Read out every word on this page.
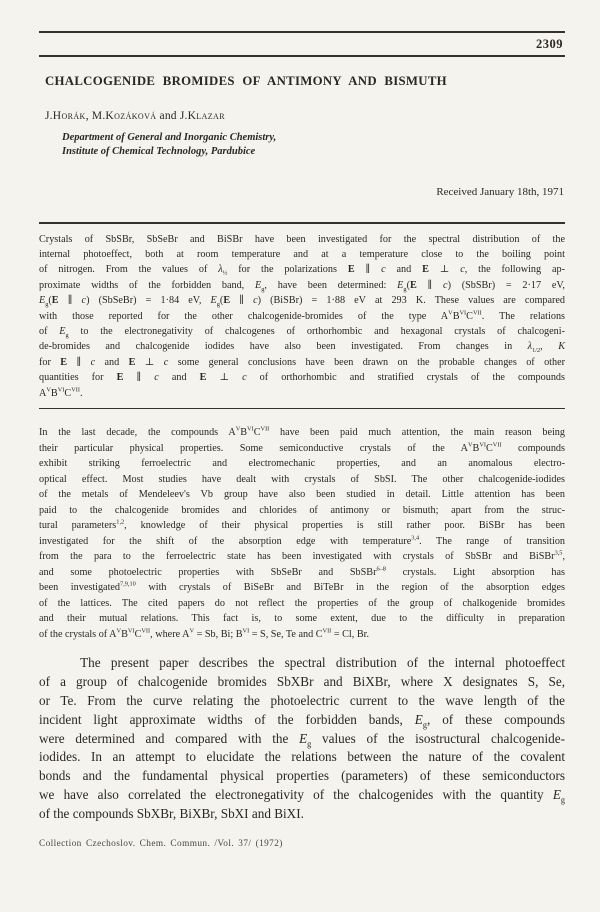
2309
CHALCOGENIDE BROMIDES OF ANTIMONY AND BISMUTH
J.Horák, M.Kozáková and J.Klazar
Department of General and Inorganic Chemistry,
Institute of Chemical Technology, Pardubice
Received January 18th, 1971
Crystals of SbSBr, SbSeBr and BiSBr have been investigated for the spectral distribution of the
internal photoeffect, both at room temperature and at a temperature close to the boiling point
of nitrogen. From the values of $\lambda_{\frac{1}{2}}$ for the polarizations E ∥ c and E ⊥ c, the following ap-
proximate widths of the forbidden band, $E_g$, have been determined: $E_g(E$ ∥ c) (SbSBr) = 2·17 eV,
$E_g(E$ ∥ c) (SbSeBr) = 1·84 eV, $E_g(E$ ∥ c) (BiSBr) = 1·88 eV at 293 K. These values are compared
with those reported for the other chalcogenide-bromides of the type $A^VB^{VI}C^{VII}$. The relations
of $E_g$ to the electronegativity of chalcogenes of orthorhombic and hexagonal crystals of chalcogeni-
de-bromides and chalcogenide iodides have also been investigated. From changes in $\lambda_{1/2}$, K
for E ∥ c and E ⊥ c some general conclusions have been drawn on the probable changes of other
quantities for E ∥ c and E ⊥ c of orthorhombic and stratified crystals of the compounds
$A^VB^{VI}C^{VII}$.
In the last decade, the compounds $A^VB^{VI}C^{VII}$ have been paid much attention, the main reason being
their particular physical properties. Some semiconductive crystals of the $A^VB^{VI}C^{VII}$ compounds
exhibit striking ferroelectric and electromechanic properties, and an anomalous electro-
optical effect. Most studies have dealt with crystals of SbSI. The other chalcogenide-iodides
of the metals of Mendeleev's Vb group have also been studied in detail. Little attention has been
paid to the chalcogenide bromides and chlorides of antimony or bismuth; apart from the struc-
tural parameters$^{1,2}$, knowledge of their physical properties is still rather poor. BiSBr has been
investigated for the shift of the absorption edge with temperature$^{3,4}$. The range of transition
from the para to the ferroelectric state has been investigated with crystals of SbSBr and BiSBr$^{3,5}$,
and some photoelectric properties with SbSeBr and SbSBr$^{6-8}$ crystals. Light absorption has
been investigated$^{7,9,10}$ with crystals of BiSeBr and BiTeBr in the region of the absorption edges
of the lattices. The cited papers do not reflect the properties of the group of chalkogenide bromides
and their mutual relations. This fact is, to some extent, due to the difficulty in preparation
of the crystals of $A^VB^{VI}C^{VII}$, where $A^V = Sb$, Bi; $B^{VI} = S$, Se, Te and $C^{VII} = Cl$, Br.
The present paper describes the spectral distribution of the internal photoeffect
of a group of chalcogenide bromides SbXBr and BiXBr, where X designates S, Se,
or Te. From the curve relating the photoelectric current to the wave length of the
incident light approximate widths of the forbidden bands, $E_g$, of these compounds
were determined and compared with the $E_g$ values of the isostructural chalcogenide-
iodides. In an attempt to elucidate the relations between the nature of the covalent
bonds and the fundamental physical properties (parameters) of these semiconductors
we have also correlated the electronegativity of the chalcogenides with the quantity $E_g$
of the compounds SbXBr, BiXBr, SbXI and BiXI.
Collection Czechoslov. Chem. Commun. /Vol. 37/ (1972)
